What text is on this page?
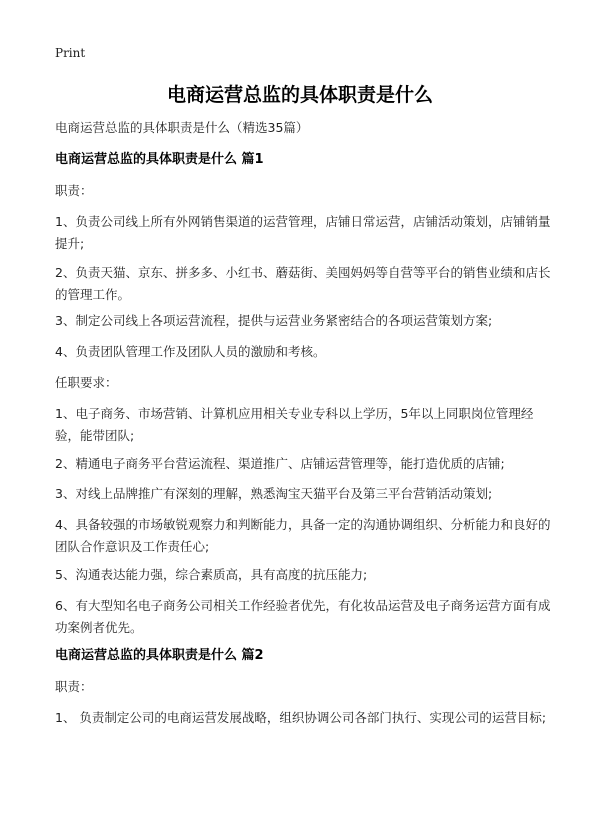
Print
电商运营总监的具体职责是什么

电商运营总监的具体职责是什么（精选35篇）

电商运营总监的具体职责是什么 篇1

职责：

1、负责公司线上所有外网销售渠道的运营管理，店铺日常运营，店铺活动策划，店铺销量提升;

2、负责天猫、京东、拼多多、小红书、蘑菇街、美囤妈妈等自营等平台的销售业绩和店长的管理工作。

3、制定公司线上各项运营流程，提供与运营业务紧密结合的各项运营策划方案;

4、负责团队管理工作及团队人员的激励和考核。

任职要求：

1、电子商务、市场营销、计算机应用相关专业专科以上学历，5年以上同职岗位管理经验，能带团队;

2、精通电子商务平台营运流程、渠道推广、店铺运营管理等，能打造优质的店铺;

3、对线上品牌推广有深刻的理解，熟悉淘宝天猫平台及第三平台营销活动策划;

4、具备较强的市场敏锐观察力和判断能力，具备一定的沟通协调组织、分析能力和良好的团队合作意识及工作责任心;

5、沟通表达能力强，综合素质高，具有高度的抗压能力;

6、有大型知名电子商务公司相关工作经验者优先，有化妆品运营及电子商务运营方面有成功案例者优先。

电商运营总监的具体职责是什么 篇2

职责：

1、 负责制定公司的电商运营发展战略，组织协调公司各部门执行、实现公司的运营目标;
